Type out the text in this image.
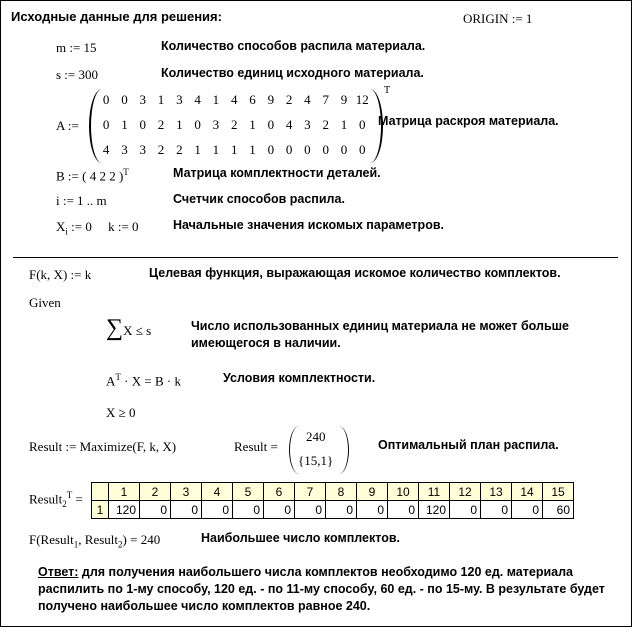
Исходные данные для решения:	ORIGIN := 1
m := 15	Количество способов распила материала.
s := 300	Количество единиц исходного материала.
A :=
0 0 3 1 3 4 1 4 6 9 2 4 7 9 12
0 1 0 2 1 0 3 2 1 0 4 3 2 1 0
4 3 3 2 2 1 1 1 1 0 0 0 0 0 0
T
Матрица раскроя материала.
B := ( 4 2 2 )$^T$	Матрица комплектности деталей.
i := 1 .. m	Счетчик способов распила.
$X_i$ := 0     k := 0	Начальные значения искомых параметров.
F(k, X) := k	Целевая функция, выражающая искомое количество комплектов.
Given
∑X ≤ s	Число использованных единиц материала не может больше
имеющегося в наличии.
$A^T \cdot X = B \cdot k$	Условия комплектности.
X ≥ 0
Result := Maximize(F, k, X)	Result =
240
{15,1}
Оптимальный план распила.
Result$_2^T$ =
		1	2	3	4	5	6	7	8	9	10	11	12	13	14	15
1	120	0	0	0	0	0	0	0	0	0	120	0	0	0	60
F(Result$_1$, Result$_2$) = 240	Наибольшее число комплектов.
Ответ: для получения наибольшего числа комплектов необходимо 120 ед. материала распилить по 1-му способу, 120 ед. - по 11-му способу, 60 ед. - по 15-му. В результате будет получено наибольшее число комплектов равное 240.
